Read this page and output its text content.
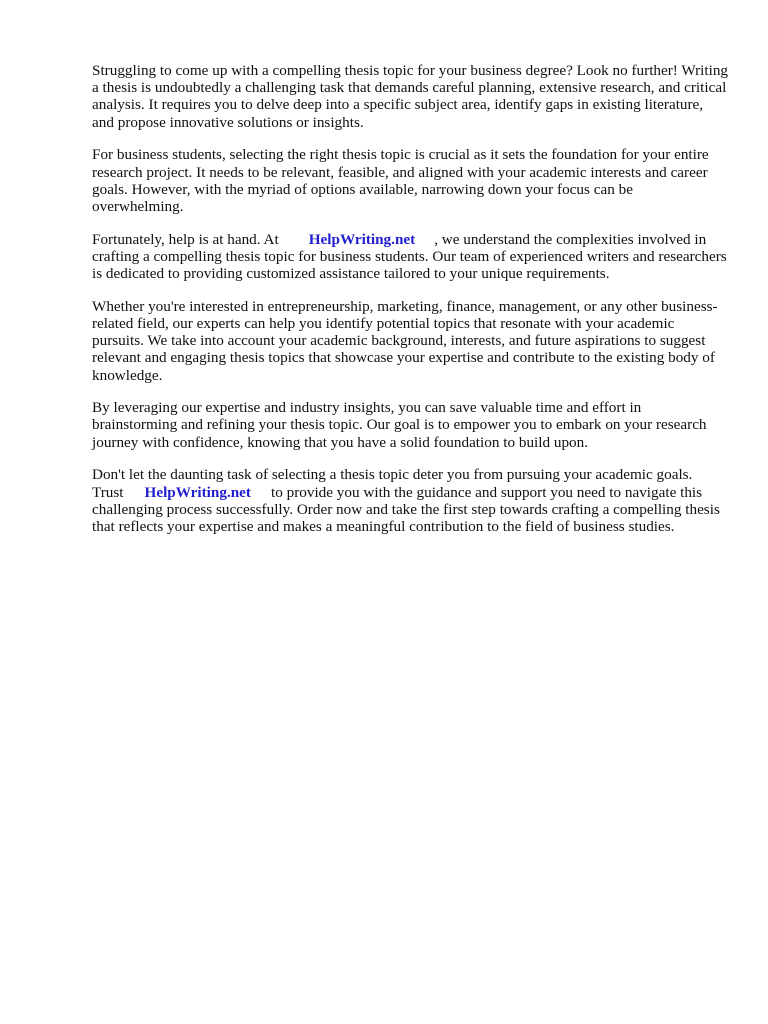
Struggling to come up with a compelling thesis topic for your business degree? Look no further! Writing a thesis is undoubtedly a challenging task that demands careful planning, extensive research, and critical analysis. It requires you to delve deep into a specific subject area, identify gaps in existing literature, and propose innovative solutions or insights.

For business students, selecting the right thesis topic is crucial as it sets the foundation for your entire research project. It needs to be relevant, feasible, and aligned with your academic interests and career goals. However, with the myriad of options available, narrowing down your focus can be overwhelming.

Fortunately, help is at hand. At HelpWriting.net , we understand the complexities involved in crafting a compelling thesis topic for business students. Our team of experienced writers and researchers is dedicated to providing customized assistance tailored to your unique requirements.

Whether you're interested in entrepreneurship, marketing, finance, management, or any other business-related field, our experts can help you identify potential topics that resonate with your academic pursuits. We take into account your academic background, interests, and future aspirations to suggest relevant and engaging thesis topics that showcase your expertise and contribute to the existing body of knowledge.

By leveraging our expertise and industry insights, you can save valuable time and effort in brainstorming and refining your thesis topic. Our goal is to empower you to embark on your research journey with confidence, knowing that you have a solid foundation to build upon.

Don't let the daunting task of selecting a thesis topic deter you from pursuing your academic goals. Trust HelpWriting.net to provide you with the guidance and support you need to navigate this challenging process successfully. Order now and take the first step towards crafting a compelling thesis that reflects your expertise and makes a meaningful contribution to the field of business studies.
